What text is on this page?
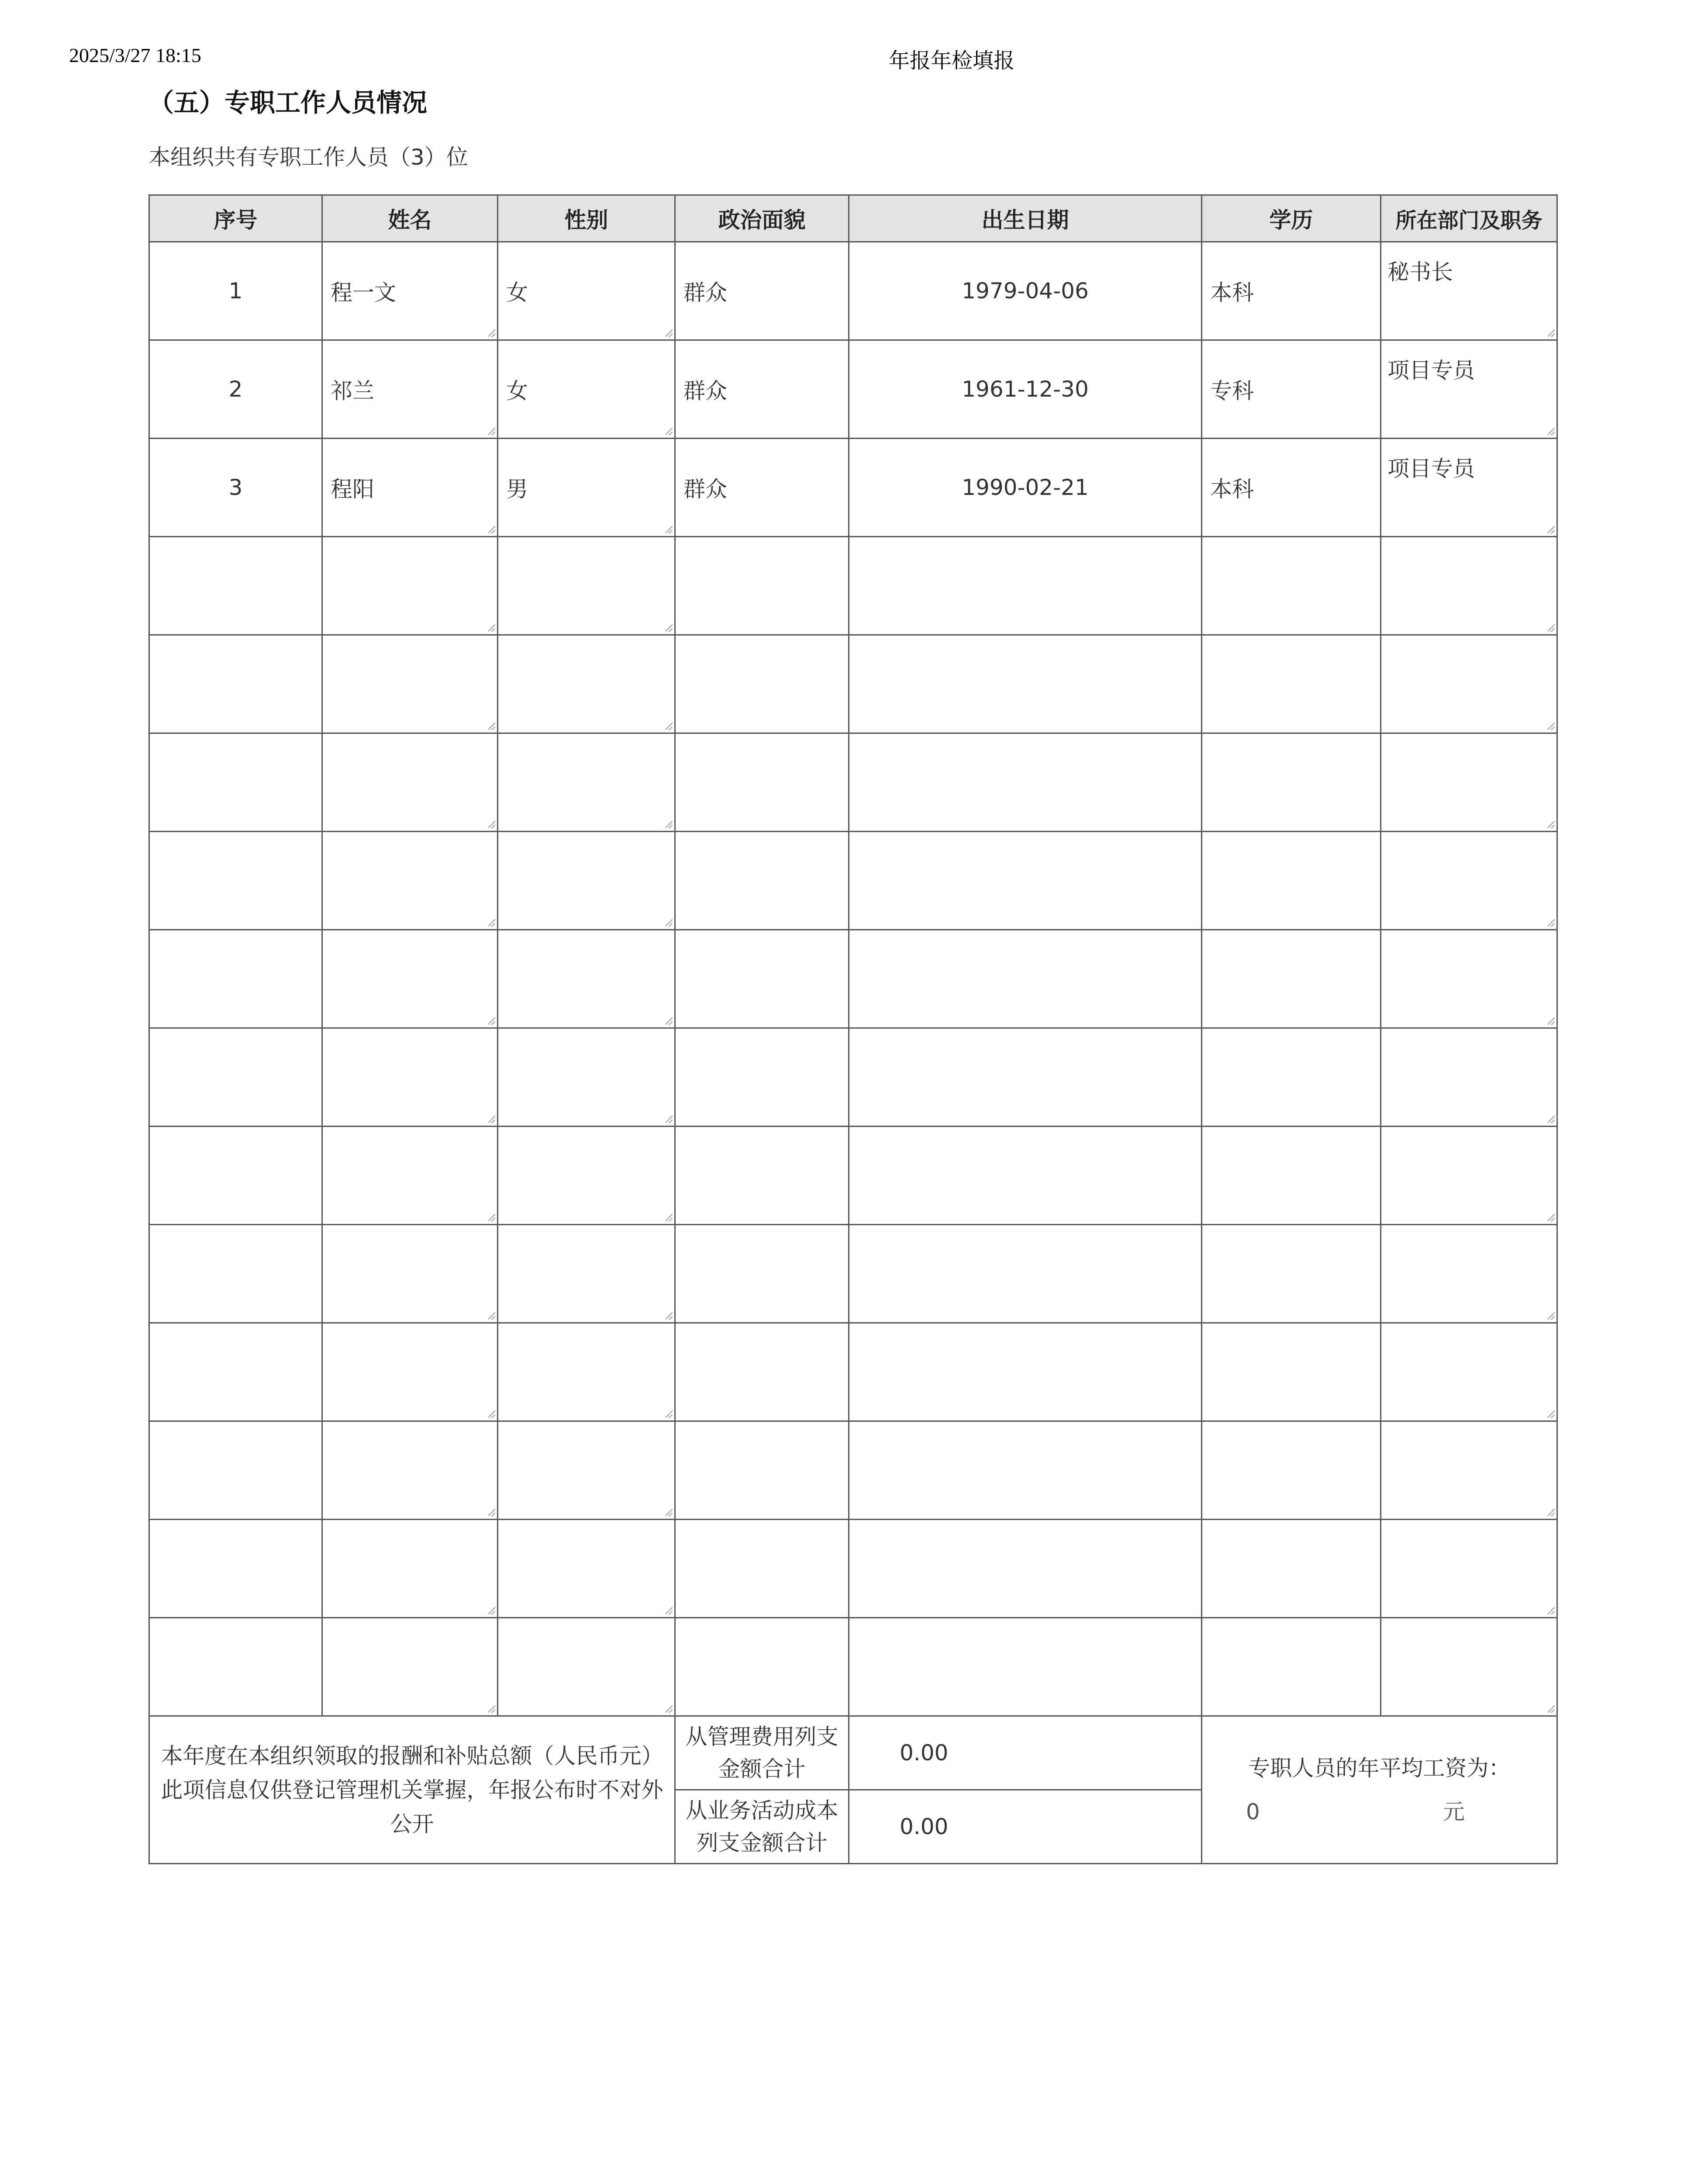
2025/3/27 18:15	年报年检填报
（五）专职工作人员情况
本组织共有专职工作人员（3）位
序号	姓名	性别	政治面貌	出生日期	学历	所在部门及职务
1	程一文	女	群众	1979-04-06	本科	秘书长

2	祁兰	女	群众	1961-12-30	专科	项目专员

3	程阳	男	群众	1990-02-21	本科	项目专员

本年度在本组织领取的报酬和补贴总额（人民币元）此项信息仅供登记管理机关掌握，年报公布时不对外公开			从管理费用列支金额合计	0.00	专职人员的年平均工资为：
0 元	

			从业务活动成本列支金额合计	0.00		
